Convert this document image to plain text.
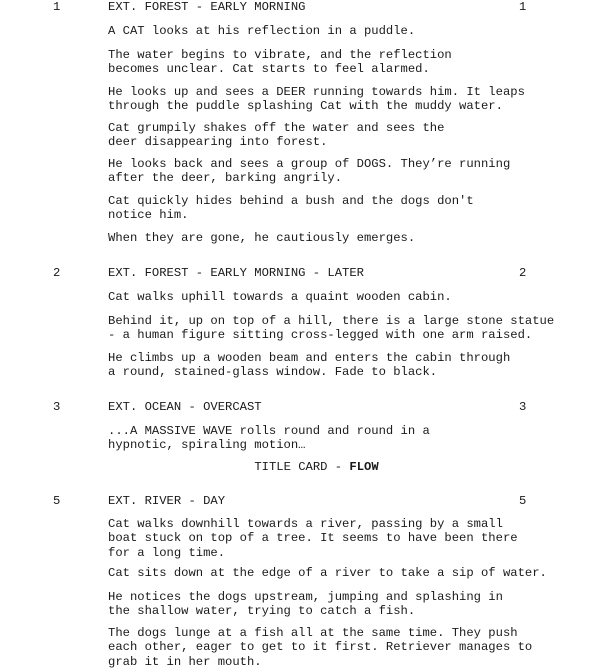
1	EXT. FOREST - EARLY MORNING	1

A CAT looks at his reflection in a puddle.

The water begins to vibrate, and the reflection
becomes unclear. Cat starts to feel alarmed.

He looks up and sees a DEER running towards him. It leaps
through the puddle splashing Cat with the muddy water.

Cat grumpily shakes off the water and sees the
deer disappearing into forest.

He looks back and sees a group of DOGS. They’re running
after the deer, barking angrily.

Cat quickly hides behind a bush and the dogs don't
notice him.

When they are gone, he cautiously emerges.

2	EXT. FOREST - EARLY MORNING - LATER	2

Cat walks uphill towards a quaint wooden cabin.

Behind it, up on top of a hill, there is a large stone statue
- a human figure sitting cross-legged with one arm raised.

He climbs up a wooden beam and enters the cabin through
a round, stained-glass window. Fade to black.

3	EXT. OCEAN - OVERCAST	3

...A MASSIVE WAVE rolls round and round in a
hypnotic, spiraling motion…

TITLE CARD - FLOW
5	EXT. RIVER - DAY	5

Cat walks downhill towards a river, passing by a small
boat stuck on top of a tree. It seems to have been there
for a long time.

Cat sits down at the edge of a river to take a sip of water.

He notices the dogs upstream, jumping and splashing in
the shallow water, trying to catch a fish.

The dogs lunge at a fish all at the same time. They push
each other, eager to get to it first. Retriever manages to
grab it in her mouth.
